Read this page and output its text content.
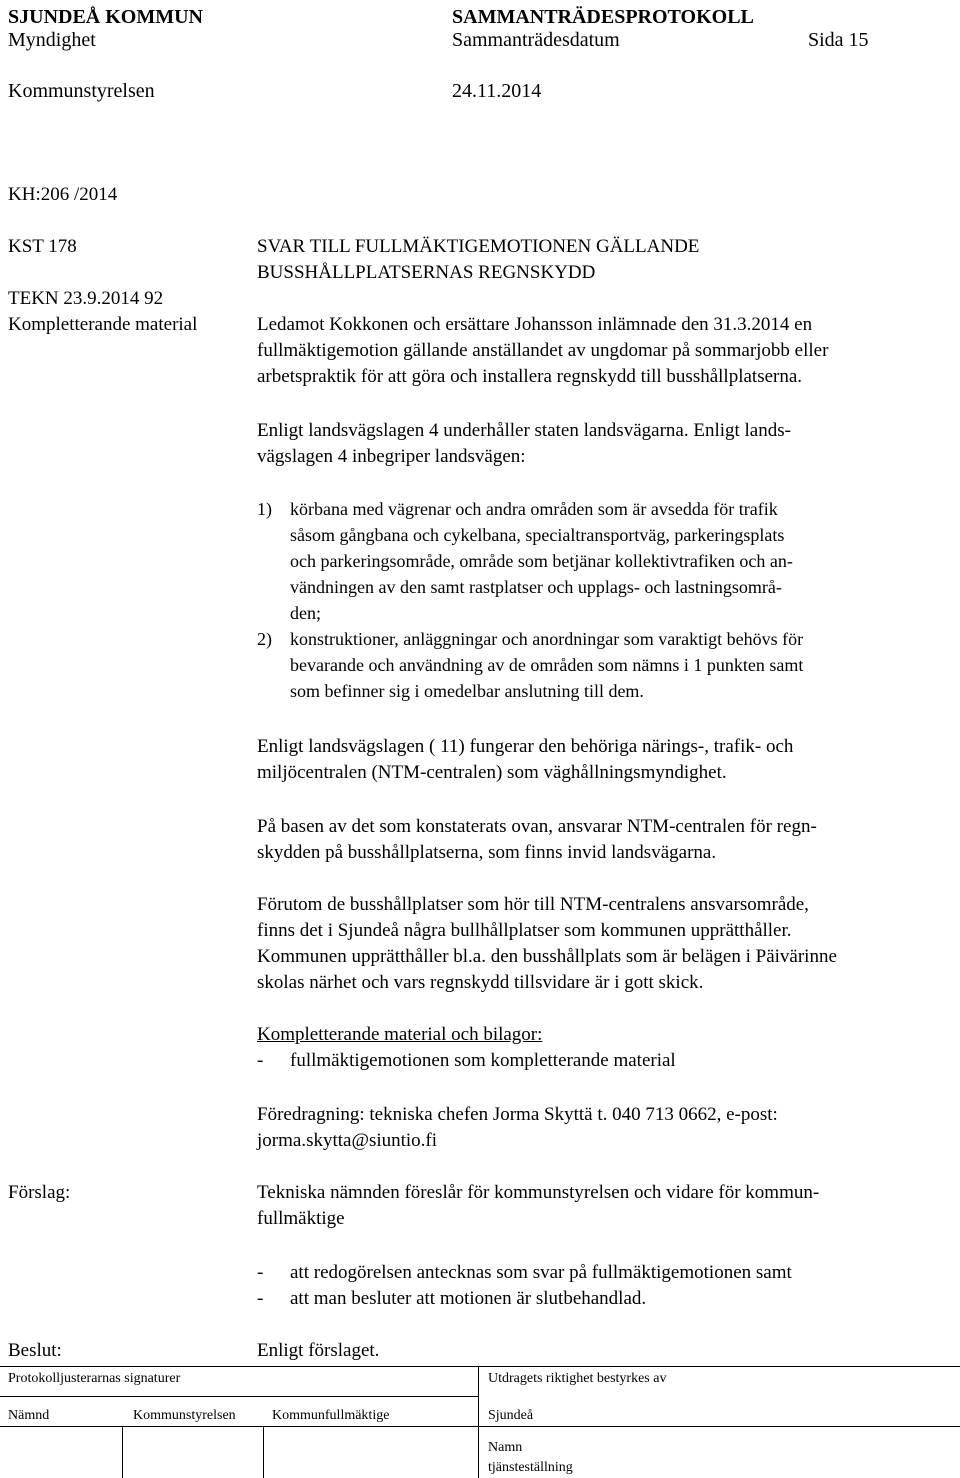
SJUNDEÅ KOMMUN	SAMMANTRÄDESPROTOKOLL
Myndighet	Sammanträdesdatum	Sida 15
Kommunstyrelsen	24.11.2014
KH:206 /2014
KST 178	SVAR TILL FULLMÄKTIGEMOTIONEN GÄLLANDE
BUSSHÅLLPLATSERNAS REGNSKYDD
TEKN 23.9.2014 92
Kompletterande material	Ledamot Kokkonen och ersättare Johansson inlämnade den 31.3.2014 en
fullmäktigemotion gällande anställandet av ungdomar på sommarjobb eller
arbetspraktik för att göra och installera regnskydd till busshållplatserna.
Enligt landsvägslagen 4 underhåller staten landsvägarna. Enligt lands-
vägslagen 4 inbegriper landsvägen:
1) körbana med vägrenar och andra områden som är avsedda för trafik
såsom gångbana och cykelbana, specialtransportväg, parkeringsplats
och parkeringsområde, område som betjänar kollektivtrafiken och an-
vändningen av den samt rastplatser och upplags- och lastningsområ-
den;
2) konstruktioner, anläggningar och anordningar som varaktigt behövs för
bevarande och användning av de områden som nämns i 1 punkten samt
som befinner sig i omedelbar anslutning till dem.
Enligt landsvägslagen ( 11) fungerar den behöriga närings-, trafik- och
miljöcentralen (NTM-centralen) som väghållningsmyndighet.
På basen av det som konstaterats ovan, ansvarar NTM-centralen för regn-
skydden på busshållplatserna, som finns invid landsvägarna.
Förutom de busshållplatser som hör till NTM-centralens ansvarsområde,
finns det i Sjundeå några bullhållplatser som kommunen upprätthåller.
Kommunen upprätthåller bl.a. den busshållplats som är belägen i Päivärinne
skolas närhet och vars regnskydd tillsvidare är i gott skick.
Kompletterande material och bilagor:
- fullmäktigemotionen som kompletterande material
Föredragning: tekniska chefen Jorma Skyttä t. 040 713 0662, e-post:
jorma.skytta@siuntio.fi
Förslag:	Tekniska nämnden föreslår för kommunstyrelsen och vidare för kommun-
fullmäktige
- att redogörelsen antecknas som svar på fullmäktigemotionen samt
- att man besluter att motionen är slutbehandlad.
Beslut:	Enligt förslaget.
Protokolljusterarnas signaturer	Utdragets riktighet bestyrkes av
Nämnd	Kommunstyrelsen	Kommunfullmäktige	Sjundeå
Namn
tjänsteställning
